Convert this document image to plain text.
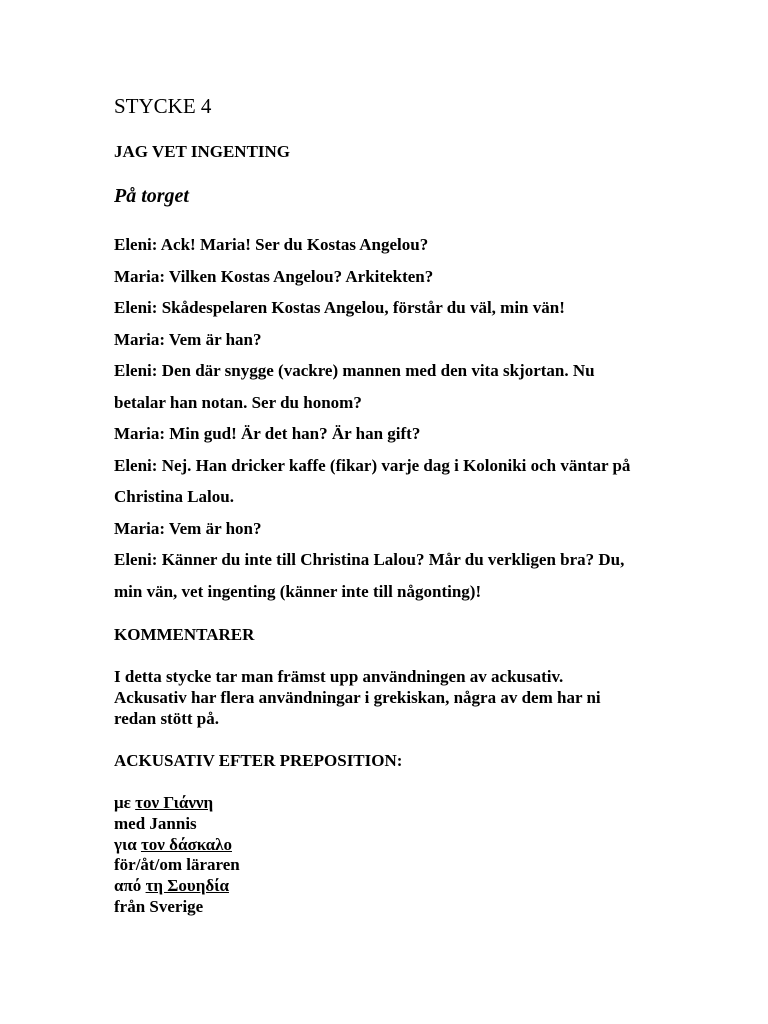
STYCKE 4
JAG VET INGENTING
På torget
Eleni: Ack! Maria! Ser du Kostas Angelou?
Maria: Vilken Kostas Angelou? Arkitekten?
Eleni: Skådespelaren Kostas Angelou, förstår du väl, min vän!
Maria: Vem är han?
Eleni: Den där snygge (vackre) mannen med den vita skjortan. Nu
betalar han notan. Ser du honom?
Maria: Min gud! Är det han? Är han gift?
Eleni: Nej. Han dricker kaffe (fikar) varje dag i Koloniki och väntar på
Christina Lalou.
Maria: Vem är hon?
Eleni: Känner du inte till Christina Lalou? Mår du verkligen bra? Du,
min vän, vet ingenting (känner inte till någonting)!
KOMMENTARER

I detta stycke tar man främst upp användningen av ackusativ.
Ackusativ har flera användningar i grekiskan, några av dem har ni
redan stött på.

ACKUSATIV EFTER PREPOSITION:
με τον Γιάννη
med Jannis
για τον δάσκαλο
för/åt/om läraren
από τη Σουηδία
från Sverige
